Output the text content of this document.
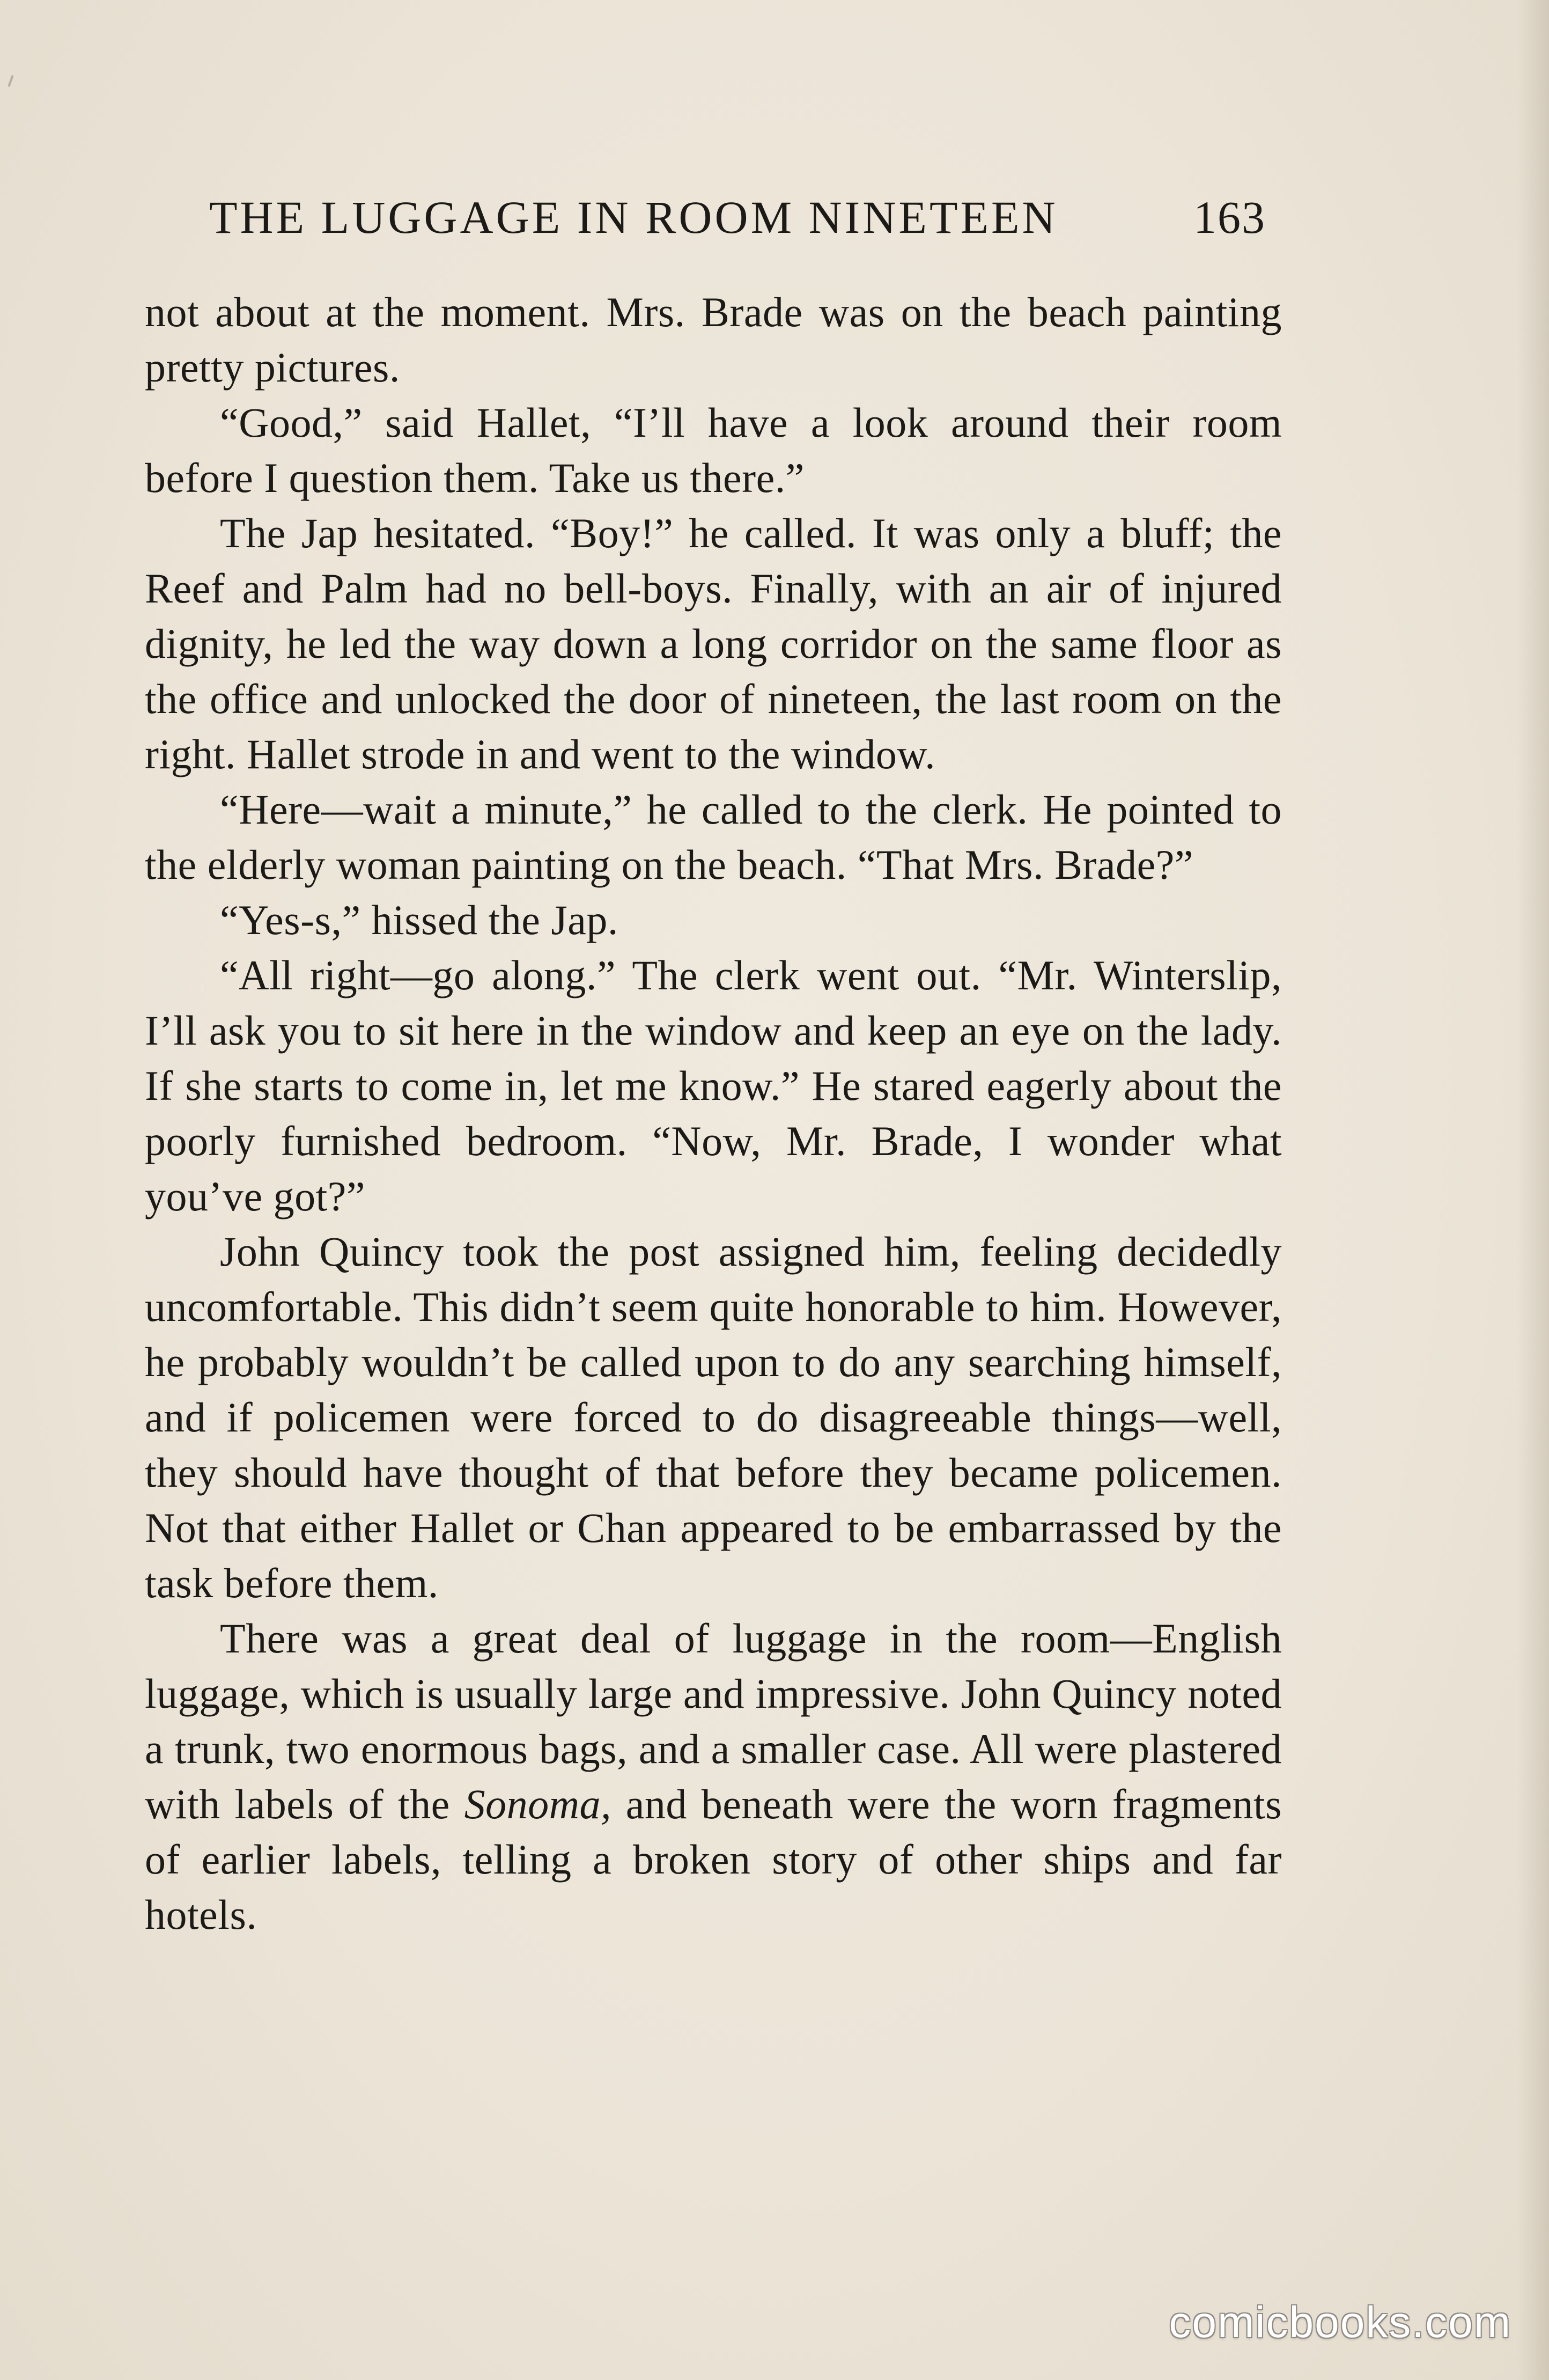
THE LUGGAGE IN ROOM NINETEEN	163

not about at the moment. Mrs. Brade was on the beach painting pretty pictures.

“Good,” said Hallet, “I’ll have a look around their room before I question them. Take us there.”

The Jap hesitated. “Boy!” he called. It was only a bluff; the Reef and Palm had no bell-boys. Finally, with an air of injured dignity, he led the way down a long corridor on the same floor as the office and unlocked the door of nineteen, the last room on the right. Hallet strode in and went to the window.

“Here—wait a minute,” he called to the clerk. He pointed to the elderly woman painting on the beach. “That Mrs. Brade?”

“Yes-s,” hissed the Jap.

“All right—go along.” The clerk went out. “Mr. Winterslip, I’ll ask you to sit here in the window and keep an eye on the lady. If she starts to come in, let me know.” He stared eagerly about the poorly furnished bedroom. “Now, Mr. Brade, I wonder what you’ve got?”

John Quincy took the post assigned him, feeling decidedly uncomfortable. This didn’t seem quite honorable to him. However, he probably wouldn’t be called upon to do any searching himself, and if policemen were forced to do disagreeable things—well, they should have thought of that before they became policemen. Not that either Hallet or Chan appeared to be embarrassed by the task before them.

There was a great deal of luggage in the room—English luggage, which is usually large and impressive. John Quincy noted a trunk, two enormous bags, and a smaller case. All were plastered with labels of the Sonoma, and beneath were the worn fragments of earlier labels, telling a broken story of other ships and far hotels.

comicbooks.com
